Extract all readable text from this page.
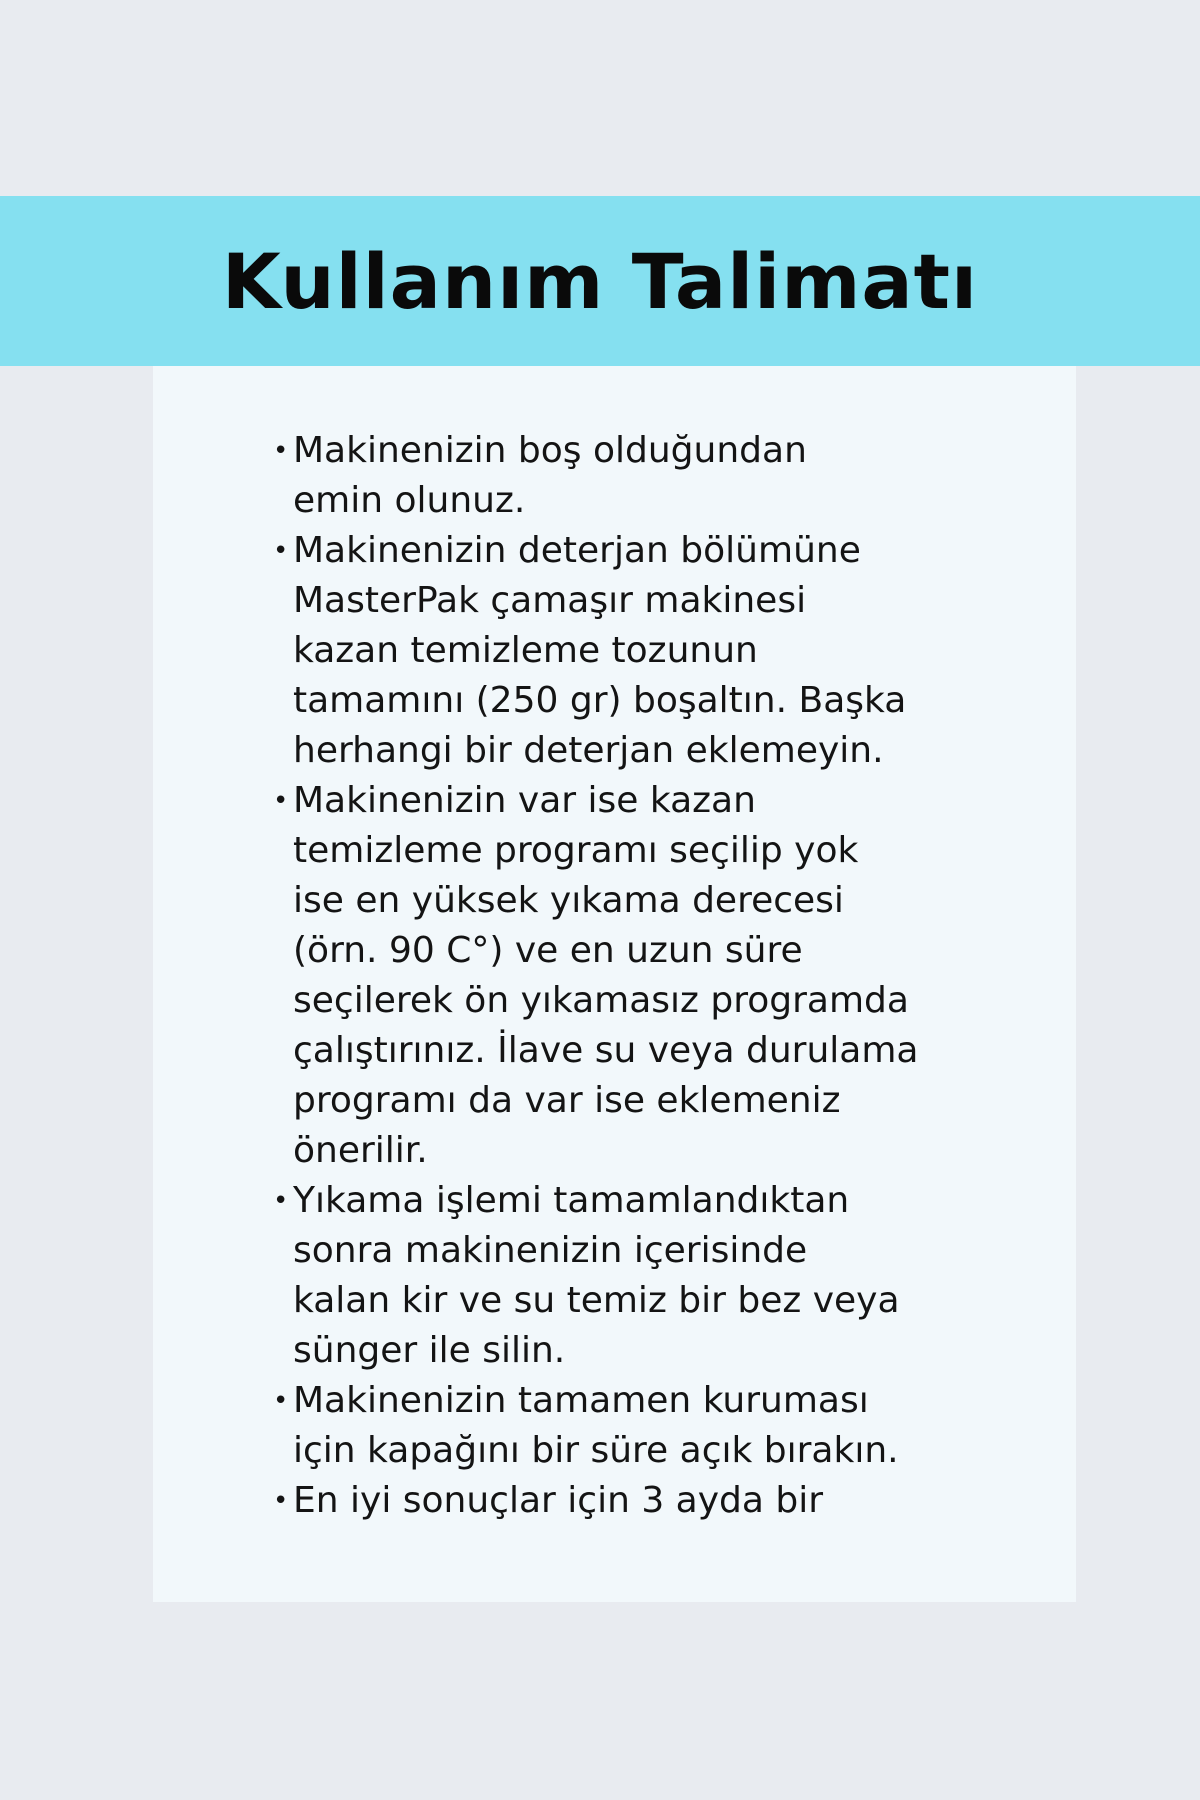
Kullanım Talimatı
• Makinenizin boş olduğundan
emin olunuz.
• Makinenizin deterjan bölümüne
MasterPak çamaşır makinesi
kazan temizleme tozunun
tamamını (250 gr) boşaltın. Başka
herhangi bir deterjan eklemeyin.
• Makinenizin var ise kazan
temizleme programı seçilip yok
ise en yüksek yıkama derecesi
(örn. 90 C°) ve en uzun süre
seçilerek ön yıkamasız programda
çalıştırınız. İlave su veya durulama
programı da var ise eklemeniz
önerilir.
• Yıkama işlemi tamamlandıktan
sonra makinenizin içerisinde
kalan kir ve su temiz bir bez veya
sünger ile silin.
• Makinenizin tamamen kuruması
için kapağını bir süre açık bırakın.
• En iyi sonuçlar için 3 ayda bir
